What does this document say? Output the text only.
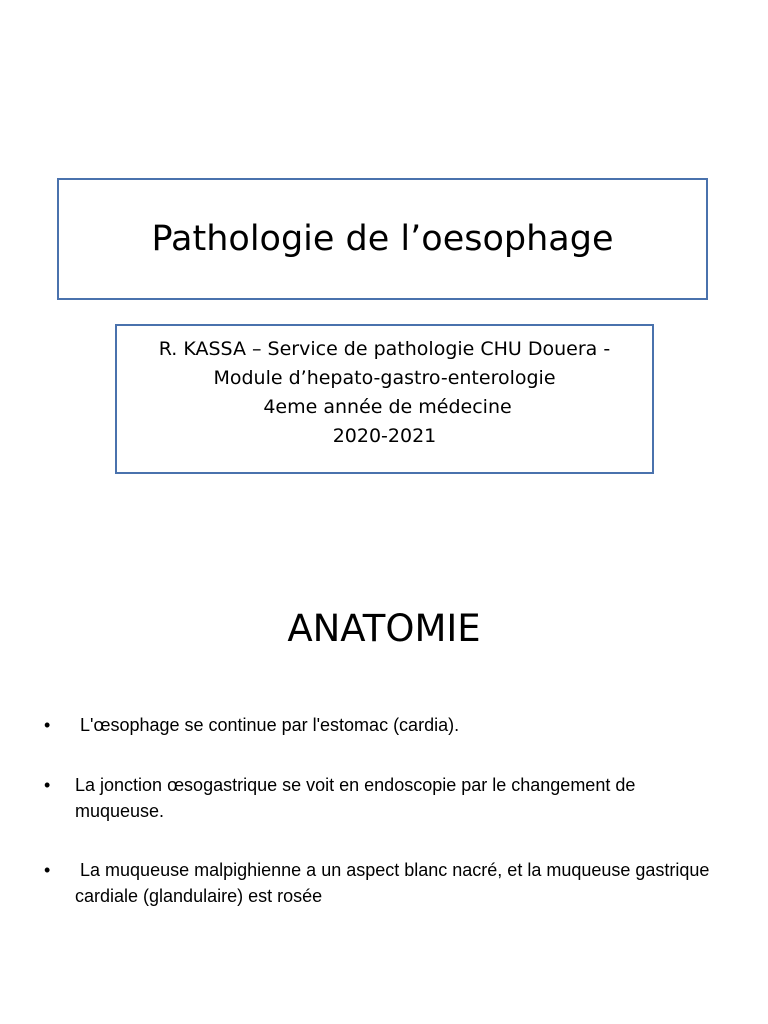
Pathologie de l’oesophage
R. KASSA – Service de pathologie CHU Douera -
Module d’hepato-gastro-enterologie
4eme année de médecine
2020-2021
ANATOMIE
• L'œsophage se continue par l'estomac (cardia).
• La jonction œsogastrique se voit en endoscopie par le changement de muqueuse.
• La muqueuse malpighienne a un aspect blanc nacré, et la muqueuse gastrique cardiale (glandulaire) est rosée
